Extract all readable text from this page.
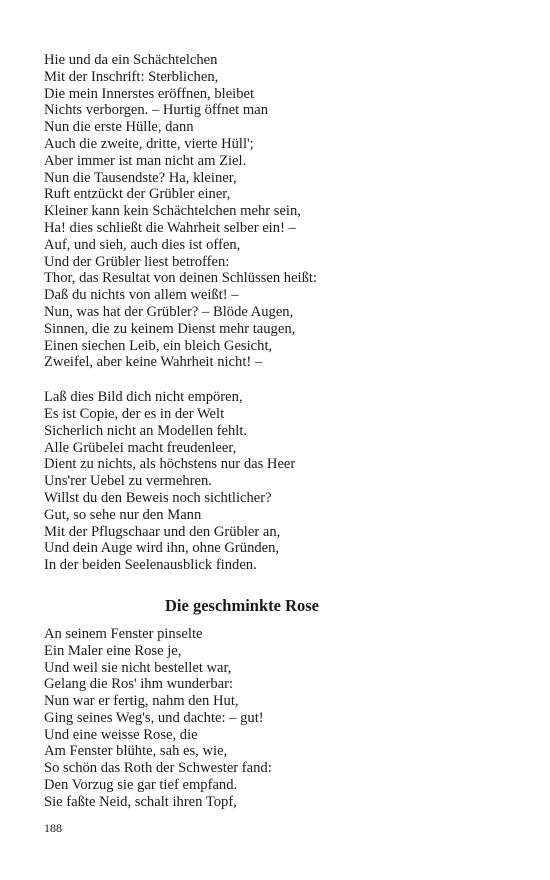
Hie und da ein Schächtelchen
Mit der Inschrift: Sterblichen,
Die mein Innerstes eröffnen, bleibet
Nichts verborgen. – Hurtig öffnet man
Nun die erste Hülle, dann
Auch die zweite, dritte, vierte Hüll';
Aber immer ist man nicht am Ziel.
Nun die Tausendste? Ha, kleiner,
Ruft entzückt der Grübler einer,
Kleiner kann kein Schächtelchen mehr sein,
Ha! dies schließt die Wahrheit selber ein! –
Auf, und sieh, auch dies ist offen,
Und der Grübler liest betroffen:
Thor, das Resultat von deinen Schlüssen heißt:
Daß du nichts von allem weißt! –
Nun, was hat der Grübler? – Blöde Augen,
Sinnen, die zu keinem Dienst mehr taugen,
Einen siechen Leib, ein bleich Gesicht,
Zweifel, aber keine Wahrheit nicht! –
Laß dies Bild dich nicht empören,
Es ist Copie, der es in der Welt
Sicherlich nicht an Modellen fehlt.
Alle Grübelei macht freudenleer,
Dient zu nichts, als höchstens nur das Heer
Uns'rer Uebel zu vermehren.
Willst du den Beweis noch sichtlicher?
Gut, so sehe nur den Mann
Mit der Pflugschaar und den Grübler an,
Und dein Auge wird ihn, ohne Gründen,
In der beiden Seelenausblick finden.
Die geschminkte Rose
An seinem Fenster pinselte
Ein Maler eine Rose je,
Und weil sie nicht bestellet war,
Gelang die Ros' ihm wunderbar:
Nun war er fertig, nahm den Hut,
Ging seines Weg's, und dachte: – gut!
Und eine weisse Rose, die
Am Fenster blühte, sah es, wie,
So schön das Roth der Schwester fand:
Den Vorzug sie gar tief empfand.
Sie faßte Neid, schalt ihren Topf,
188
